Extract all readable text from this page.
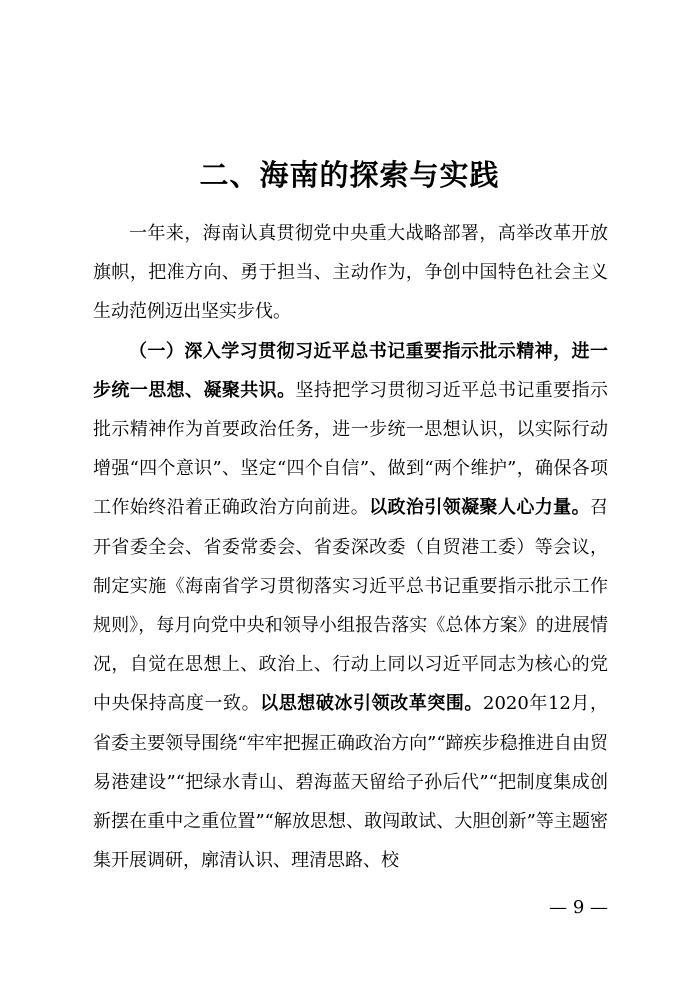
二、海南的探索与实践

一年来，海南认真贯彻党中央重大战略部署，高举改革开放旗帜，把准方向、勇于担当、主动作为，争创中国特色社会主义生动范例迈出坚实步伐。

（一）深入学习贯彻习近平总书记重要指示批示精神，进一步统一思想、凝聚共识。坚持把学习贯彻习近平总书记重要指示批示精神作为首要政治任务，进一步统一思想认识，以实际行动增强“四个意识”、坚定“四个自信”、做到“两个维护”，确保各项工作始终沿着正确政治方向前进。以政治引领凝聚人心力量。召开省委全会、省委常委会、省委深改委（自贸港工委）等会议，制定实施《海南省学习贯彻落实习近平总书记重要指示批示工作规则》，每月向党中央和领导小组报告落实《总体方案》的进展情况，自觉在思想上、政治上、行动上同以习近平同志为核心的党中央保持高度一致。以思想破冰引领改革突围。2020年12月，省委主要领导围绕“牢牢把握正确政治方向”“蹄疾步稳推进自由贸易港建设”“把绿水青山、碧海蓝天留给子孙后代”“把制度集成创新摆在重中之重位置”“解放思想、敢闯敢试、大胆创新”等主题密集开展调研，廓清认识、理清思路、校

— 9 —
